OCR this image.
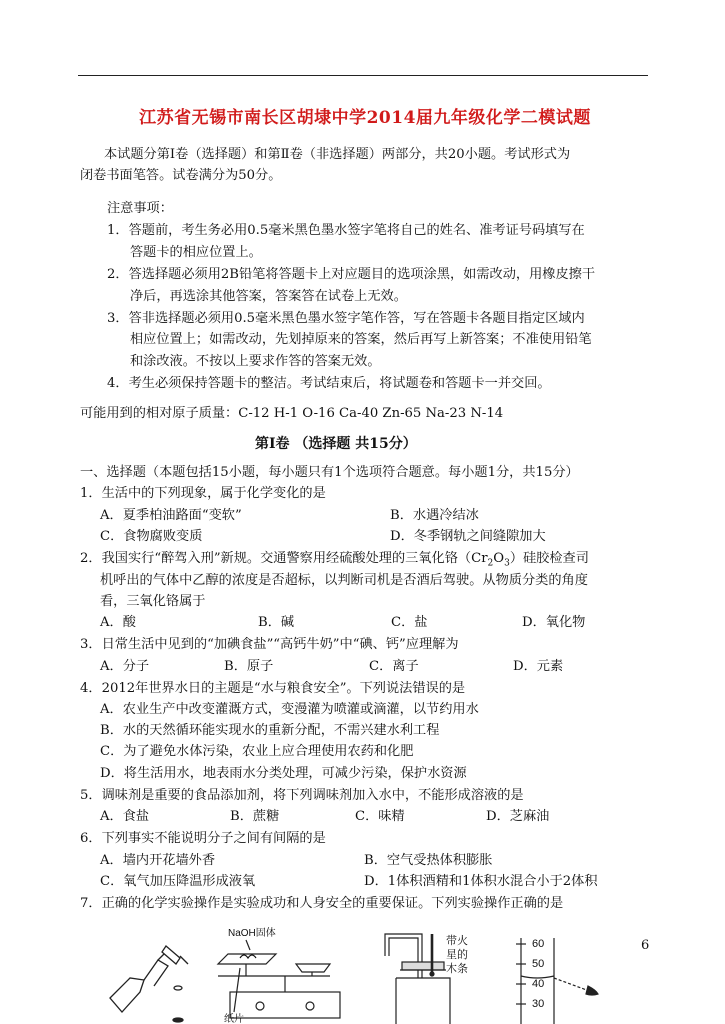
江苏省无锡市南长区胡埭中学2014届九年级化学二模试题
本试题分第Ⅰ卷（选择题）和第Ⅱ卷（非选择题）两部分，共20小题。考试形式为
闭卷书面笔答。试卷满分为50分。
注意事项：
1．答题前，考生务必用0.5毫米黑色墨水签字笔将自己的姓名、准考证号码填写在
答题卡的相应位置上。
2．答选择题必须用2B铅笔将答题卡上对应题目的选项涂黑，如需改动，用橡皮擦干
净后，再选涂其他答案，答案答在试卷上无效。
3．答非选择题必须用0.5毫米黑色墨水签字笔作答，写在答题卡各题目指定区域内
相应位置上；如需改动，先划掉原来的答案，然后再写上新答案；不准使用铅笔
和涂改液。不按以上要求作答的答案无效。
4．考生必须保持答题卡的整洁。考试结束后，将试题卷和答题卡一并交回。
可能用到的相对原子质量：C-12 H-1 O-16 Ca-40 Zn-65 Na-23 N-14
第Ⅰ卷 （选择题 共15分）
一、选择题（本题包括15小题，每小题只有1个选项符合题意。每小题1分，共15分）
1．生活中的下列现象，属于化学变化的是
A．夏季柏油路面“变软”	B．水遇冷结冰
C．食物腐败变质	D．冬季钢轨之间缝隙加大
2．我国实行“醉驾入刑”新规。交通警察用经硫酸处理的三氧化铬$(Cr_2O_3)$硅胶检查司
机呼出的气体中乙醇的浓度是否超标，以判断司机是否酒后驾驶。从物质分类的角度
看，三氧化铬属于
A．酸	B．碱	C．盐	D．氧化物
3．日常生活中见到的“加碘食盐”“高钙牛奶”中“碘、钙”应理解为
A．分子	B．原子	C．离子	D．元素
4．2012年世界水日的主题是“水与粮食安全”。下列说法错误的是
A．农业生产中改变灌溉方式，变漫灌为喷灌或滴灌，以节约用水
B．水的天然循环能实现水的重新分配，不需兴建水利工程
C．为了避免水体污染，农业上应合理使用农药和化肥
D．将生活用水，地表雨水分类处理，可减少污染，保护水资源
5．调味剂是重要的食品添加剂，将下列调味剂加入水中，不能形成溶液的是
A．食盐	B．蔗糖	C．味精	D．芝麻油
6．下列事实不能说明分子之间有间隔的是
A．墙内开花墙外香	B．空气受热体积膨胀
C．氧气加压降温形成液氧	D．1体积酒精和1体积水混合小于2体积
7．正确的化学实验操作是实验成功和人身安全的重要保证。下列实验操作正确的是
NaOH固体
纸片
带火
星的
木条
60
50
40
30
6
